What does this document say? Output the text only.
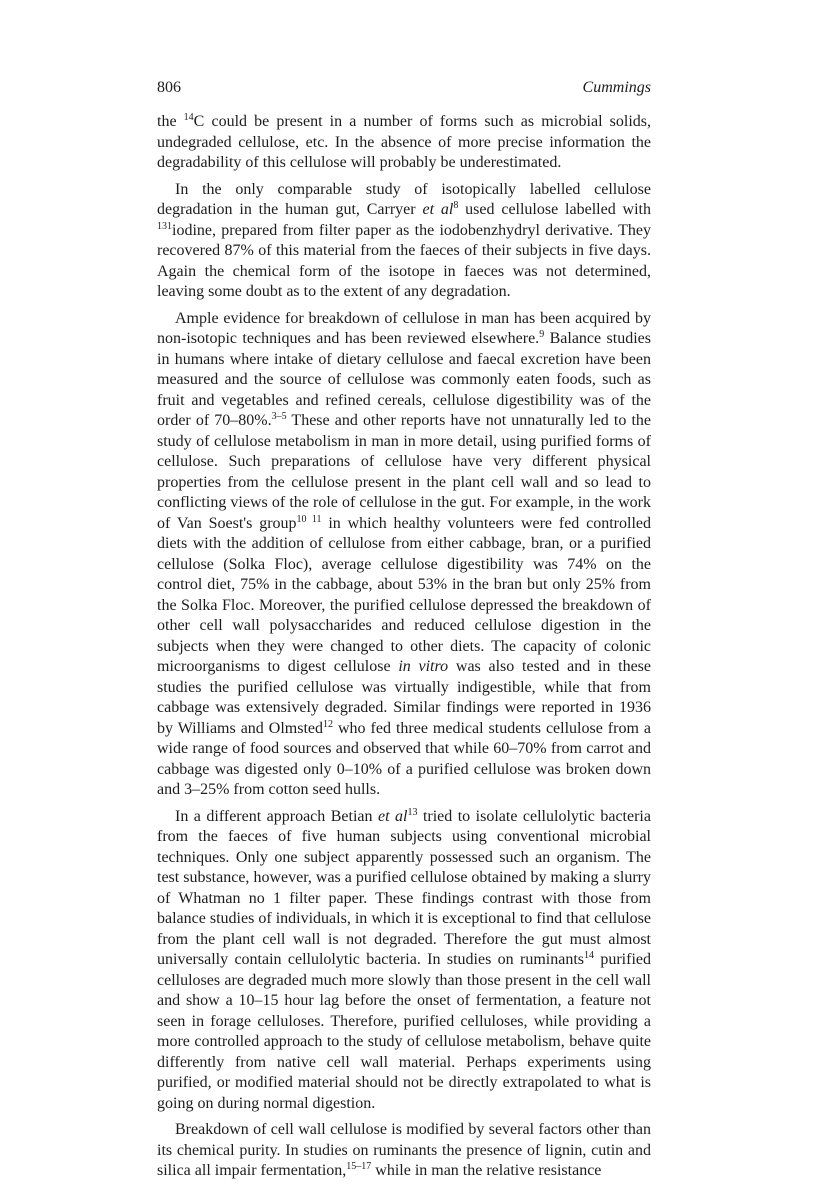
806	Cummings

the $^{14}$C could be present in a number of forms such as microbial solids, undegraded cellulose, etc. In the absence of more precise information the degradability of this cellulose will probably be underestimated.

In the only comparable study of isotopically labelled cellulose degradation in the human gut, Carryer et $al^8$ used cellulose labelled with $^{131}$iodine, prepared from filter paper as the iodobenzhydryl derivative. They recovered 87% of this material from the faeces of their subjects in five days. Again the chemical form of the isotope in faeces was not determined, leaving some doubt as to the extent of any degradation.

Ample evidence for breakdown of cellulose in man has been acquired by non-isotopic techniques and has been reviewed elsewhere.$^9$ Balance studies in humans where intake of dietary cellulose and faecal excretion have been measured and the source of cellulose was commonly eaten foods, such as fruit and vegetables and refined cereals, cellulose digestibility was of the order of 70–80%.$^{3-5}$ These and other reports have not unnaturally led to the study of cellulose metabolism in man in more detail, using purified forms of cellulose. Such preparations of cellulose have very different physical properties from the cellulose present in the plant cell wall and so lead to conflicting views of the role of cellulose in the gut. For example, in the work of Van Soest's group$^{10 11}$ in which healthy volunteers were fed controlled diets with the addition of cellulose from either cabbage, bran, or a purified cellulose (Solka Floc), average cellulose digestibility was 74% on the control diet, 75% in the cabbage, about 53% in the bran but only 25% from the Solka Floc. Moreover, the purified cellulose depressed the breakdown of other cell wall polysaccharides and reduced cellulose digestion in the subjects when they were changed to other diets. The capacity of colonic microorganisms to digest cellulose in vitro was also tested and in these studies the purified cellulose was virtually indigestible, while that from cabbage was extensively degraded. Similar findings were reported in 1936 by Williams and Olmsted$^{12}$ who fed three medical students cellulose from a wide range of food sources and observed that while 60–70% from carrot and cabbage was digested only 0–10% of a purified cellulose was broken down and 3–25% from cotton seed hulls.

In a different approach Betian et $al^{13}$ tried to isolate cellulolytic bacteria from the faeces of five human subjects using conventional microbial techniques. Only one subject apparently possessed such an organism. The test substance, however, was a purified cellulose obtained by making a slurry of Whatman no 1 filter paper. These findings contrast with those from balance studies of individuals, in which it is exceptional to find that cellulose from the plant cell wall is not degraded. Therefore the gut must almost universally contain cellulolytic bacteria. In studies on ruminants$^{14}$ purified celluloses are degraded much more slowly than those present in the cell wall and show a 10–15 hour lag before the onset of fermentation, a feature not seen in forage celluloses. Therefore, purified celluloses, while providing a more controlled approach to the study of cellulose metabolism, behave quite differently from native cell wall material. Perhaps experiments using purified, or modified material should not be directly extrapolated to what is going on during normal digestion.

Breakdown of cell wall cellulose is modified by several factors other than its chemical purity. In studies on ruminants the presence of lignin, cutin and silica all impair fermentation,$^{15-17}$ while in man the relative resistance
